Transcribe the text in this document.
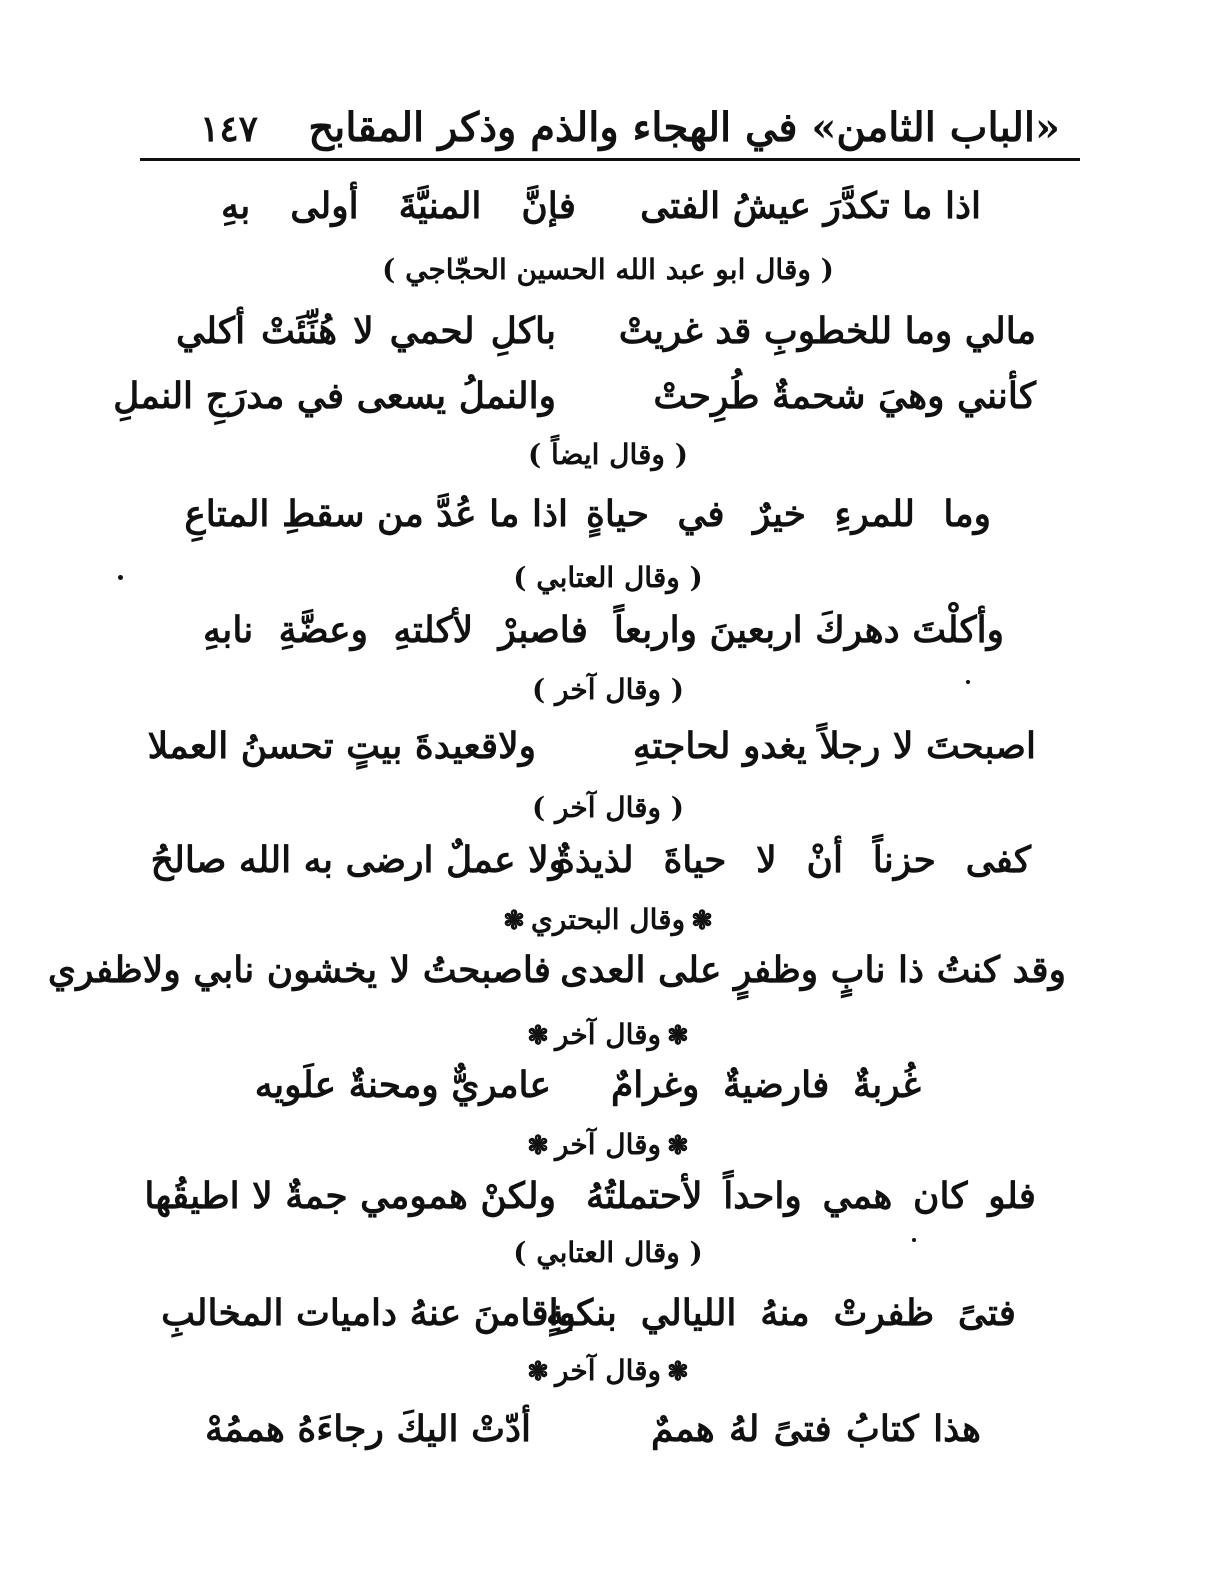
«الباب الثامن» في الهجاء والذم وذكر المقابح
١٤٧
اذا ما تكدَّرَ عيشُ الفتى
فإنَّ المنيَّةَ أولى بهِ
( وقال ابو عبد الله الحسين الحجّاجي )
مالي وما للخطوبِ قد غريتْ
باكلِ لحمي لا هُنِّئَتْ أكلي
كأنني وهيَ شحمةٌ طُرِحتْ
والنملُ يسعى في مدرَجِ النملِ
( وقال ايضاً )
وما للمرءِ خيرٌ في حياةٍ
اذا ما عُدَّ من سقطِ المتاعِ
( وقال العتابي )
وأكلْتَ دهركَ اربعينَ واربعاً
فاصبرْ لأكلتهِ وعضَّةِ نابهِ
( وقال آخر )
اصبحتَ لا رجلاً يغدو لحاجتهِ
ولاقعيدةَ بيتٍ تحسنُ العملا
( وقال آخر )
كفى حزناً أنْ لا حياةَ لذيذةٌ
ولا عملٌ ارضى به الله صالحُ
❃وقال البحتري❃
وقد كنتُ ذا نابٍ وظفرٍ على العدى
فاصبحتُ لا يخشون نابي ولاظفري
❃وقال آخر❃
غُربةٌ فارضيةٌ وغرامٌ
عامريٌّ ومحنةٌ علَويه
❃وقال آخر❃
فلو كان همي واحداً لأحتملتُهُ
ولكنْ همومي جمةٌ لا اطيقُها
( وقال العتابي )
فتىً ظفرتْ منهُ الليالي بنكبةٍ
واقامنَ عنهُ داميات المخالبِ
❃وقال آخر❃
هذا كتابُ فتىً لهُ هممٌ
أدّتْ اليكَ رجاءَهُ هممُهْ
